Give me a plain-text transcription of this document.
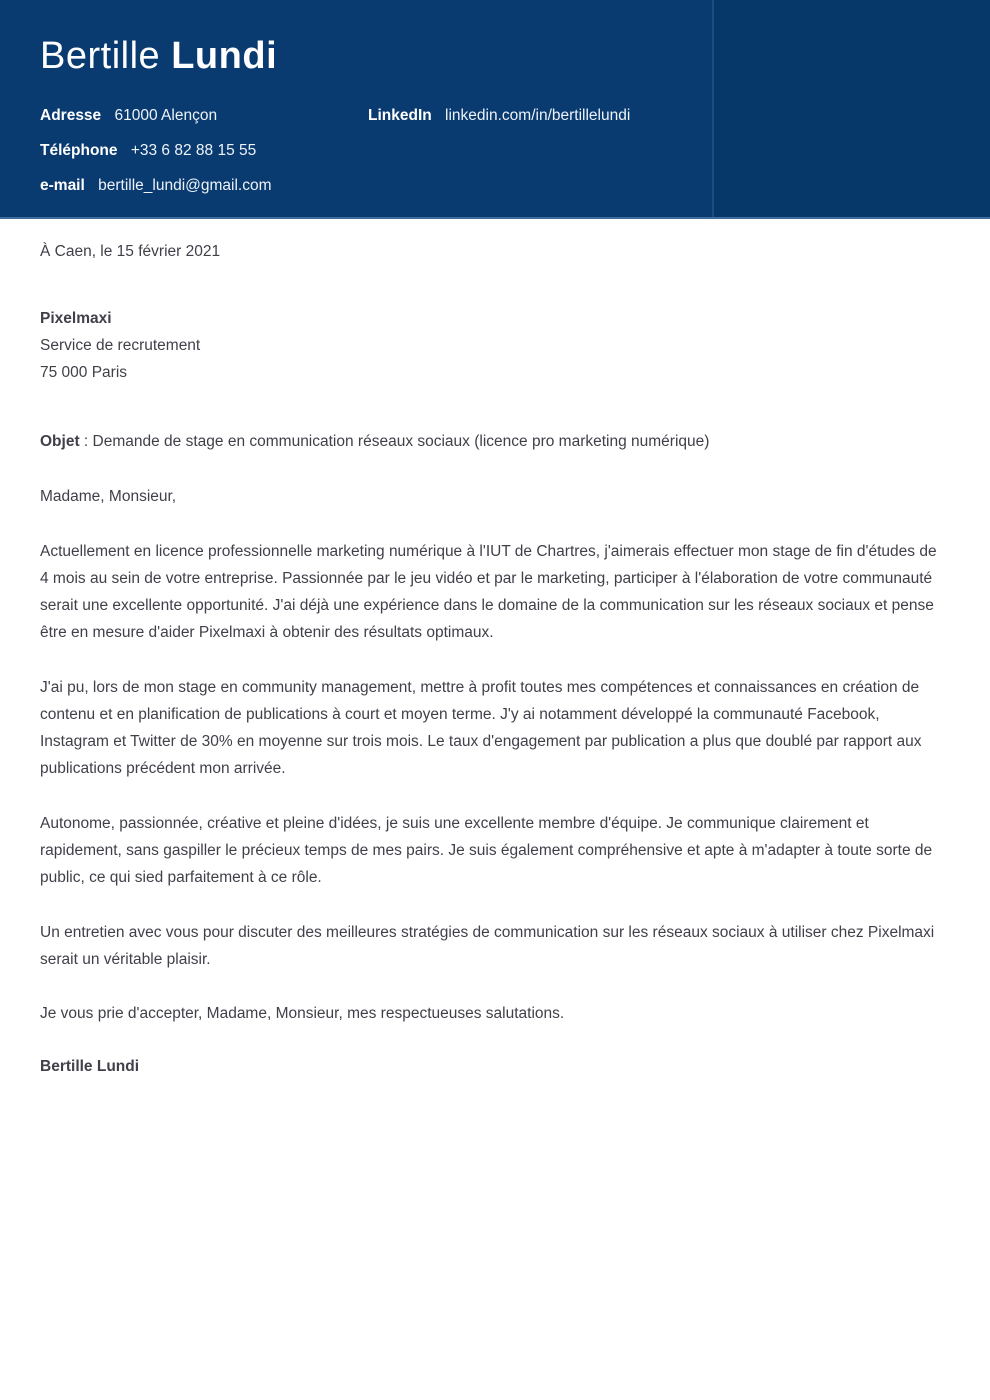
Bertille Lundi
Adresse 61000 Alençon	LinkedIn linkedin.com/in/bertillelundi
Téléphone +33 6 82 88 15 55
e-mail bertille_lundi@gmail.com

À Caen, le 15 février 2021

Pixelmaxi

Service de recrutement

75 000 Paris

Objet : Demande de stage en communication réseaux sociaux (licence pro marketing numérique)

Madame, Monsieur,

Actuellement en licence professionnelle marketing numérique à l'IUT de Chartres, j'aimerais effectuer mon stage de fin d'études de 4 mois au sein de votre entreprise. Passionnée par le jeu vidéo et par le marketing, participer à l'élaboration de votre communauté serait une excellente opportunité. J'ai déjà une expérience dans le domaine de la communication sur les réseaux sociaux et pense être en mesure d'aider Pixelmaxi à obtenir des résultats optimaux.

J'ai pu, lors de mon stage en community management, mettre à profit toutes mes compétences et connaissances en création de contenu et en planification de publications à court et moyen terme. J'y ai notamment développé la communauté Facebook, Instagram et Twitter de 30% en moyenne sur trois mois. Le taux d'engagement par publication a plus que doublé par rapport aux publications précédent mon arrivée.

Autonome, passionnée, créative et pleine d'idées, je suis une excellente membre d'équipe. Je communique clairement et rapidement, sans gaspiller le précieux temps de mes pairs. Je suis également compréhensive et apte à m'adapter à toute sorte de public, ce qui sied parfaitement à ce rôle.

Un entretien avec vous pour discuter des meilleures stratégies de communication sur les réseaux sociaux à utiliser chez Pixelmaxi serait un véritable plaisir.

Je vous prie d'accepter, Madame, Monsieur, mes respectueuses salutations.

Bertille Lundi
